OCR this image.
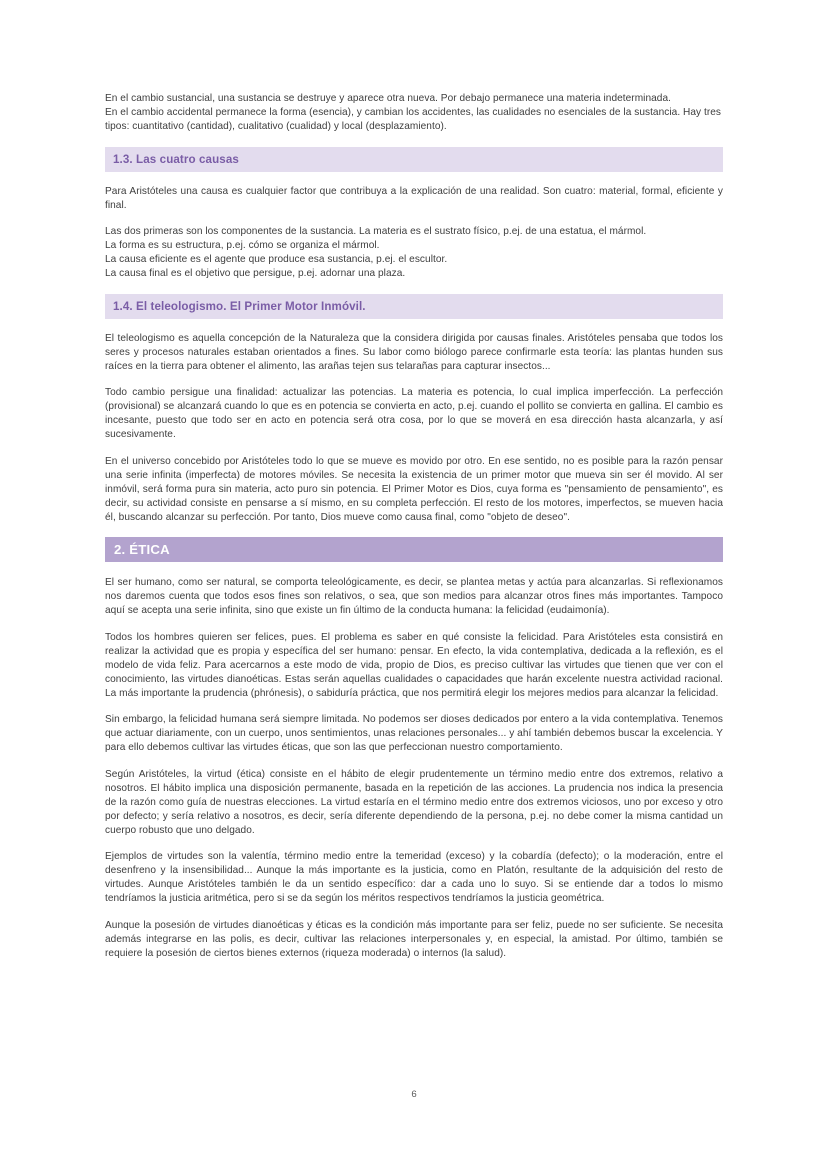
En el cambio sustancial, una sustancia se destruye y aparece otra nueva. Por debajo permanece una materia indeterminada.
En el cambio accidental permanece la forma (esencia), y cambian los accidentes, las cualidades no esenciales de la sustancia. Hay tres tipos: cuantitativo (cantidad), cualitativo (cualidad) y local (desplazamiento).

1.3. Las cuatro causas

Para Aristóteles una causa es cualquier factor que contribuya a la explicación de una realidad. Son cuatro: material, formal, eficiente y final.

Las dos primeras son los componentes de la sustancia. La materia es el sustrato físico, p.ej. de una estatua, el mármol.
La forma es su estructura, p.ej. cómo se organiza el mármol.
La causa eficiente es el agente que produce esa sustancia, p.ej. el escultor.
La causa final es el objetivo que persigue, p.ej. adornar una plaza.

1.4. El teleologismo. El Primer Motor Inmóvil.

El teleologismo es aquella concepción de la Naturaleza que la considera dirigida por causas finales. Aristóteles pensaba que todos los seres y procesos naturales estaban orientados a fines. Su labor como biólogo parece confirmarle esta teoría: las plantas hunden sus raíces en la tierra para obtener el alimento, las arañas tejen sus telarañas para capturar insectos...

Todo cambio persigue una finalidad: actualizar las potencias. La materia es potencia, lo cual implica imperfección. La perfección (provisional) se alcanzará cuando lo que es en potencia se convierta en acto, p.ej. cuando el pollito se convierta en gallina. El cambio es incesante, puesto que todo ser en acto en potencia será otra cosa, por lo que se moverá en esa dirección hasta alcanzarla, y así sucesivamente.

En el universo concebido por Aristóteles todo lo que se mueve es movido por otro. En ese sentido, no es posible para la razón pensar una serie infinita (imperfecta) de motores móviles. Se necesita la existencia de un primer motor que mueva sin ser él movido. Al ser inmóvil, será forma pura sin materia, acto puro sin potencia. El Primer Motor es Dios, cuya forma es "pensamiento de pensamiento", es decir, su actividad consiste en pensarse a sí mismo, en su completa perfección. El resto de los motores, imperfectos, se mueven hacia él, buscando alcanzar su perfección. Por tanto, Dios mueve como causa final, como "objeto de deseo".

2. ÉTICA

El ser humano, como ser natural, se comporta teleológicamente, es decir, se plantea metas y actúa para alcanzarlas. Si reflexionamos nos daremos cuenta que todos esos fines son relativos, o sea, que son medios para alcanzar otros fines más importantes. Tampoco aquí se acepta una serie infinita, sino que existe un fin último de la conducta humana: la felicidad (eudaimonía).

Todos los hombres quieren ser felices, pues. El problema es saber en qué consiste la felicidad. Para Aristóteles esta consistirá en realizar la actividad que es propia y específica del ser humano: pensar. En efecto, la vida contemplativa, dedicada a la reflexión, es el modelo de vida feliz. Para acercarnos a este modo de vida, propio de Dios, es preciso cultivar las virtudes que tienen que ver con el conocimiento, las virtudes dianoéticas. Estas serán aquellas cualidades o capacidades que harán excelente nuestra actividad racional. La más importante la prudencia (phrónesis), o sabiduría práctica, que nos permitirá elegir los mejores medios para alcanzar la felicidad.

Sin embargo, la felicidad humana será siempre limitada. No podemos ser dioses dedicados por entero a la vida contemplativa. Tenemos que actuar diariamente, con un cuerpo, unos sentimientos, unas relaciones personales... y ahí también debemos buscar la excelencia. Y para ello debemos cultivar las virtudes éticas, que son las que perfeccionan nuestro comportamiento.

Según Aristóteles, la virtud (ética) consiste en el hábito de elegir prudentemente un término medio entre dos extremos, relativo a nosotros. El hábito implica una disposición permanente, basada en la repetición de las acciones. La prudencia nos indica la presencia de la razón como guía de nuestras elecciones. La virtud estaría en el término medio entre dos extremos viciosos, uno por exceso y otro por defecto; y sería relativo a nosotros, es decir, sería diferente dependiendo de la persona, p.ej. no debe comer la misma cantidad un cuerpo robusto que uno delgado.

Ejemplos de virtudes son la valentía, término medio entre la temeridad (exceso) y la cobardía (defecto); o la moderación, entre el desenfreno y la insensibilidad... Aunque la más importante es la justicia, como en Platón, resultante de la adquisición del resto de virtudes. Aunque Aristóteles también le da un sentido específico: dar a cada uno lo suyo. Si se entiende dar a todos lo mismo tendríamos la justicia aritmética, pero si se da según los méritos respectivos tendríamos la justicia geométrica.

Aunque la posesión de virtudes dianoéticas y éticas es la condición más importante para ser feliz, puede no ser suficiente. Se necesita además integrarse en las polis, es decir, cultivar las relaciones interpersonales y, en especial, la amistad. Por último, también se requiere la posesión de ciertos bienes externos (riqueza moderada) o internos (la salud).

6
